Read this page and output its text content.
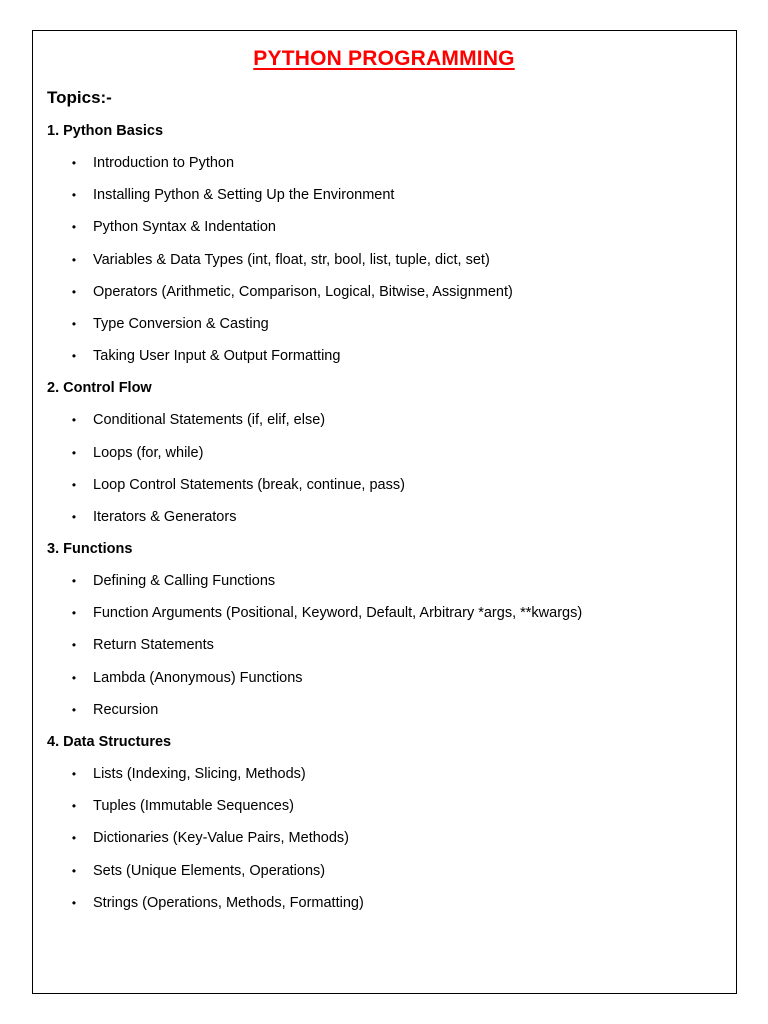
PYTHON PROGRAMMING
Topics:-
1. Python Basics
• Introduction to Python
• Installing Python & Setting Up the Environment
• Python Syntax & Indentation
• Variables & Data Types (int, float, str, bool, list, tuple, dict, set)
• Operators (Arithmetic, Comparison, Logical, Bitwise, Assignment)
• Type Conversion & Casting
• Taking User Input & Output Formatting
2. Control Flow
• Conditional Statements (if, elif, else)
• Loops (for, while)
• Loop Control Statements (break, continue, pass)
• Iterators & Generators
3. Functions
• Defining & Calling Functions
• Function Arguments (Positional, Keyword, Default, Arbitrary *args, **kwargs)
• Return Statements
• Lambda (Anonymous) Functions
• Recursion
4. Data Structures
• Lists (Indexing, Slicing, Methods)
• Tuples (Immutable Sequences)
• Dictionaries (Key-Value Pairs, Methods)
• Sets (Unique Elements, Operations)
• Strings (Operations, Methods, Formatting)
